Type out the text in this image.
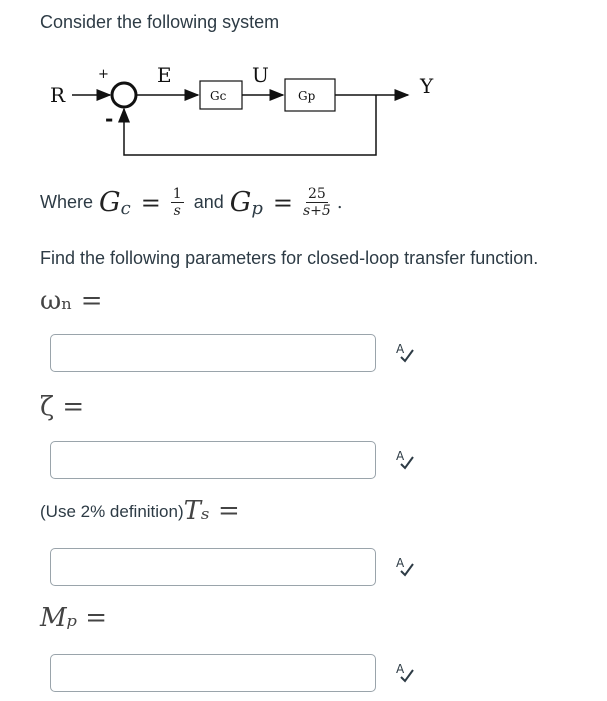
Consider the following system
R
+
-
E
Gc
U
Gp	Y
Where G $c = \frac{1}{s}$ and G $p = \frac{25}{s+5}$ .
Find the following parameters for closed-loop transfer function.
ωₙ =
A
ζ =
A
(Use 2% definition) Tₛ =
A
Mₚ =
A
